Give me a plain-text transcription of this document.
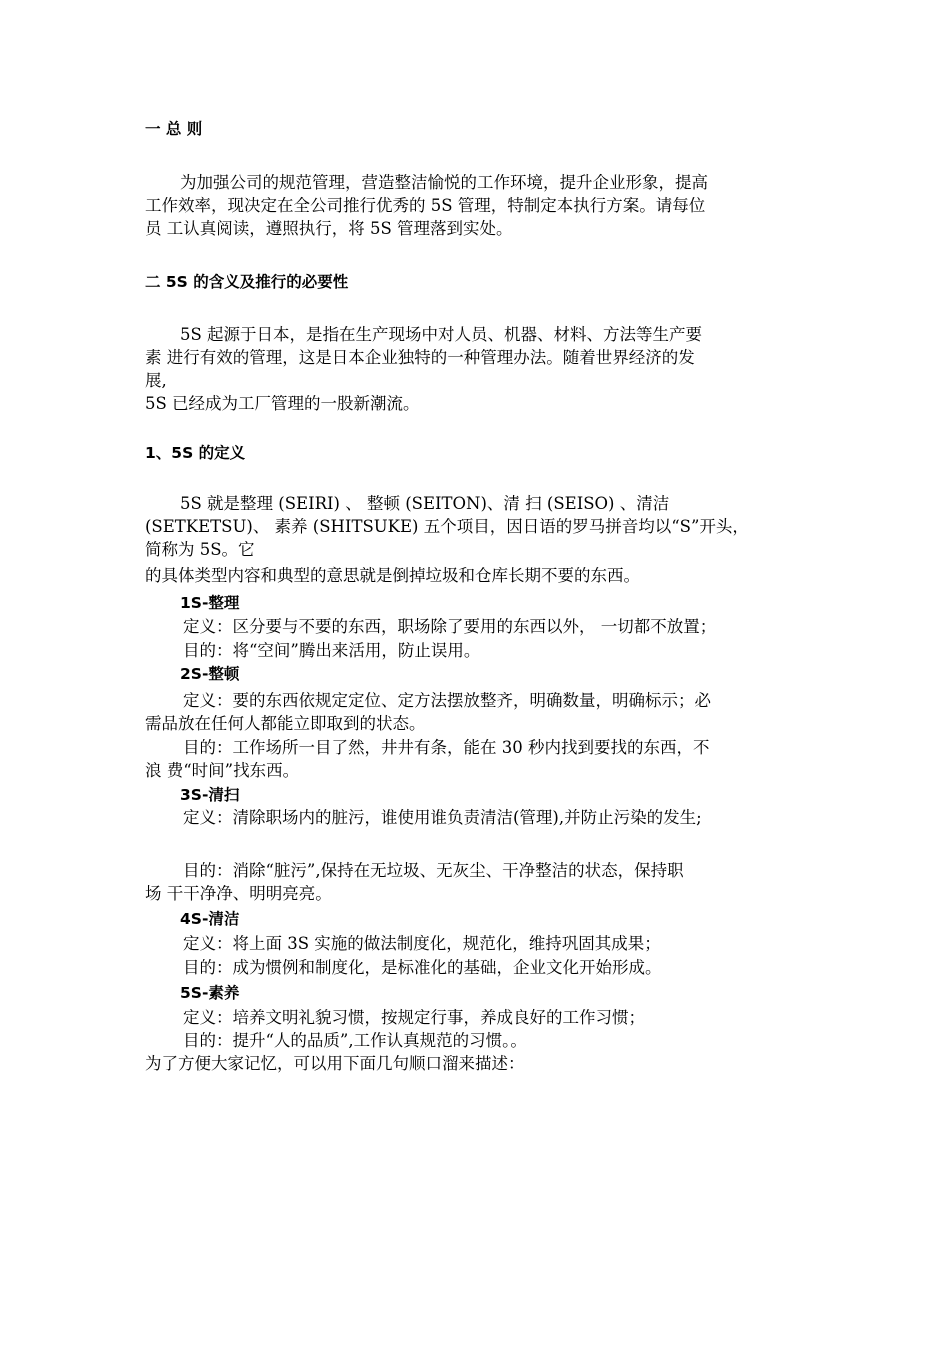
一 总 则
为加强公司的规范管理，营造整洁愉悦的工作环境，提升企业形象，提高
工作效率，现决定在全公司推行优秀的 5S 管理，特制定本执行方案。请每位
员 工认真阅读，遵照执行，将 5S 管理落到实处。
二 5S 的含义及推行的必要性
5S 起源于日本，是指在生产现场中对人员、机器、材料、方法等生产要
素 进行有效的管理，这是日本企业独特的一种管理办法。随着世界经济的发
展,
5S 已经成为工厂管理的一股新潮流。
1、5S 的定义
5S 就是整理 (SEIRI) 、 整顿 (SEITON)、清 扫 (SEISO) 、清洁
(SETKETSU)、 素养 (SHITSUKE) 五个项目，因日语的罗马拼音均以“S”开头，
简称为 5S。它
的具体类型内容和典型的意思就是倒掉垃圾和仓库长期不要的东西。
1S-整理
定义：区分要与不要的东西，职场除了要用的东西以外， 一切都不放置；
目的：将“空间”腾出来活用，防止误用。
2S-整顿
定义：要的东西依规定定位、定方法摆放整齐，明确数量，明确标示；必
需品放在任何人都能立即取到的状态。
目的：工作场所一目了然，井井有条，能在 30 秒内找到要找的东西，不
浪 费“时间”找东西。
3S-清扫
定义：清除职场内的脏污，谁使用谁负责清洁(管理),并防止污染的发生;
目的：消除“脏污”,保持在无垃圾、无灰尘、干净整洁的状态，保持职
场 干干净净、明明亮亮。
4S-清洁
定义：将上面 3S 实施的做法制度化，规范化，维持巩固其成果；
目的：成为惯例和制度化，是标准化的基础，企业文化开始形成。
5S-素养
定义：培养文明礼貌习惯，按规定行事，养成良好的工作习惯；
目的：提升“人的品质”,工作认真规范的习惯。。
为了方便大家记忆，可以用下面几句顺口溜来描述：
